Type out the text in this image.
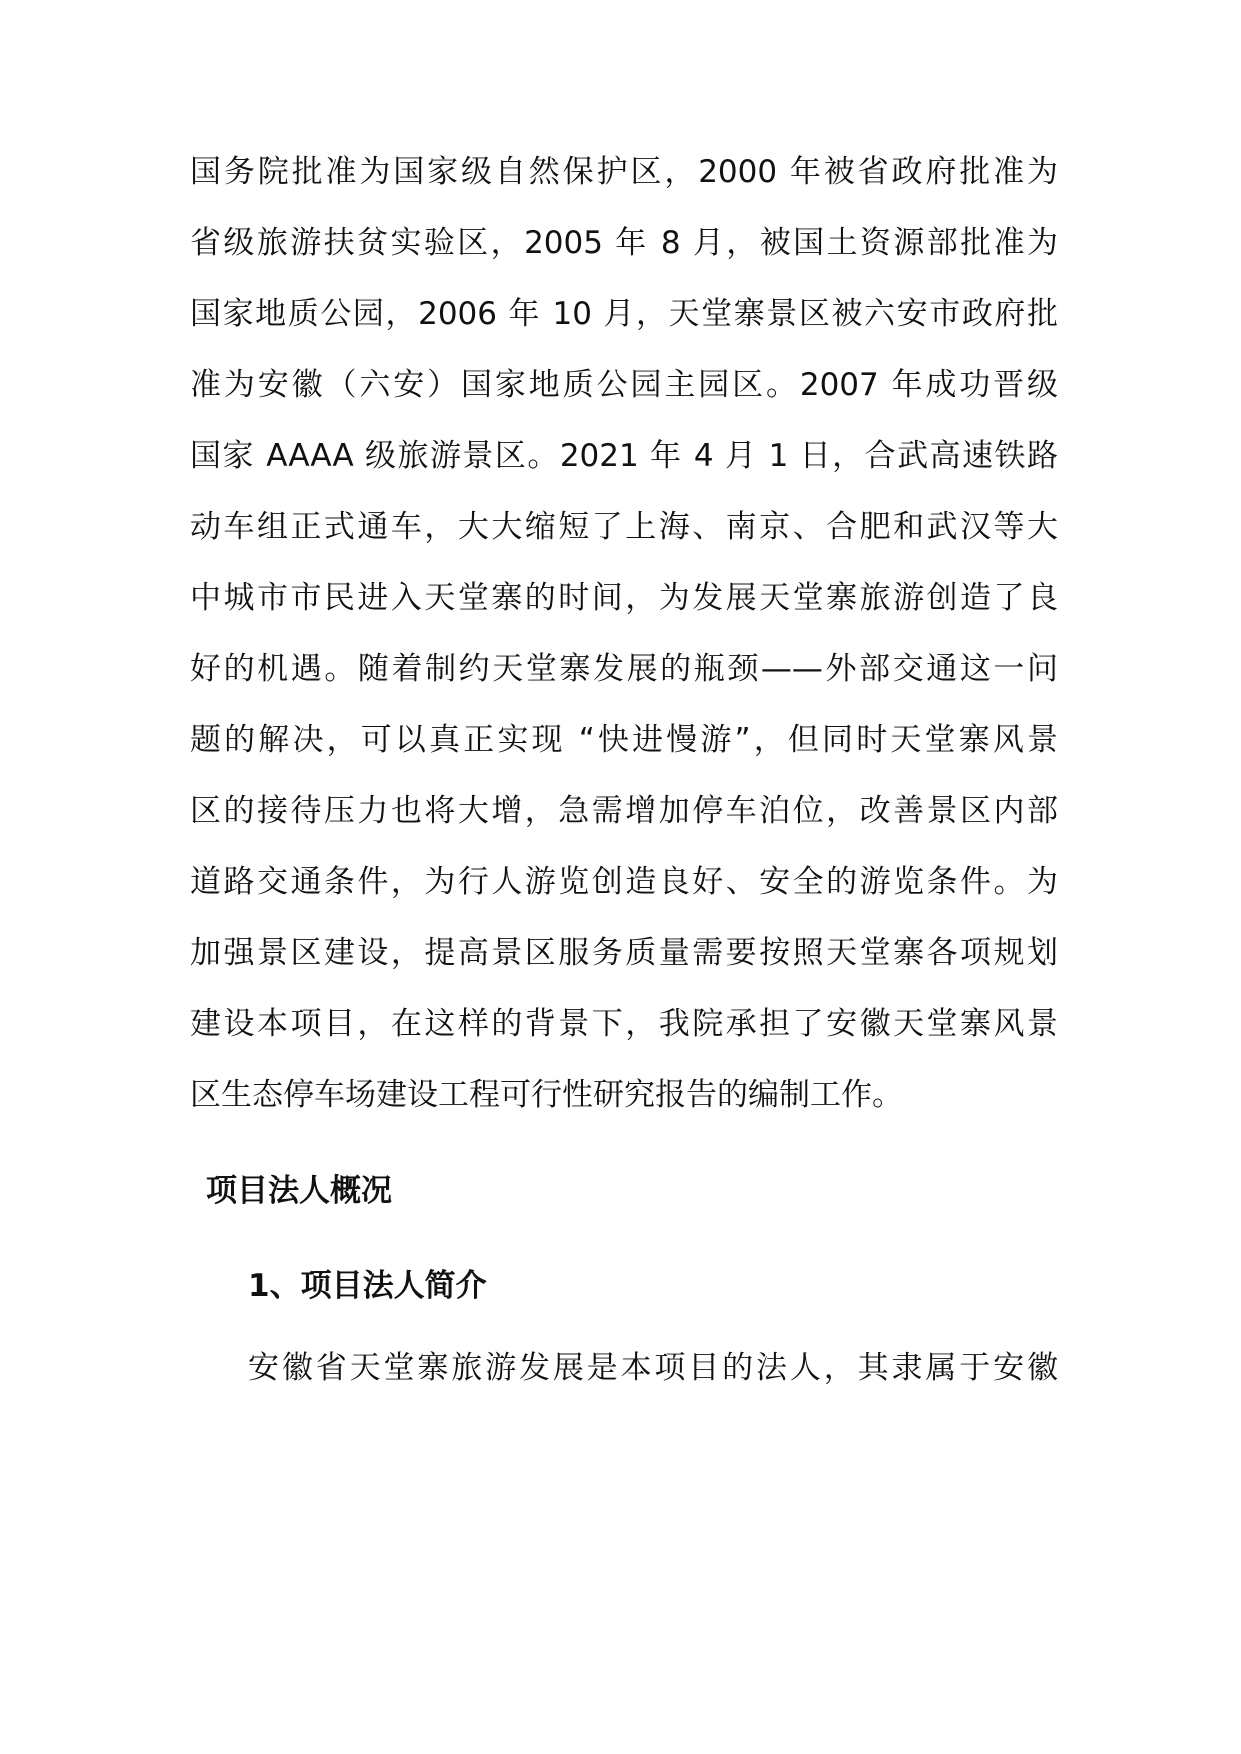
国务院批准为国家级自然保护区，2000 年被省政府批准为
省级旅游扶贫实验区，2005 年 8 月，被国土资源部批准为
国家地质公园，2006 年 10 月，天堂寨景区被六安市政府批
准为安徽（六安）国家地质公园主园区。2007 年成功晋级
国家 AAAA 级旅游景区。2021 年 4 月 1 日，合武高速铁路
动车组正式通车，大大缩短了上海、南京、合肥和武汉等大
中城市市民进入天堂寨的时间，为发展天堂寨旅游创造了良
好的机遇。随着制约天堂寨发展的瓶颈——外部交通这一问
题的解决，可以真正实现 “快进慢游”，但同时天堂寨风景
区的接待压力也将大增，急需增加停车泊位，改善景区内部
道路交通条件，为行人游览创造良好、安全的游览条件。为
加强景区建设，提高景区服务质量需要按照天堂寨各项规划
建设本项目，在这样的背景下，我院承担了安徽天堂寨风景
区生态停车场建设工程可行性研究报告的编制工作。
项目法人概况
1、项目法人简介
安徽省天堂寨旅游发展是本项目的法人，其隶属于安徽
